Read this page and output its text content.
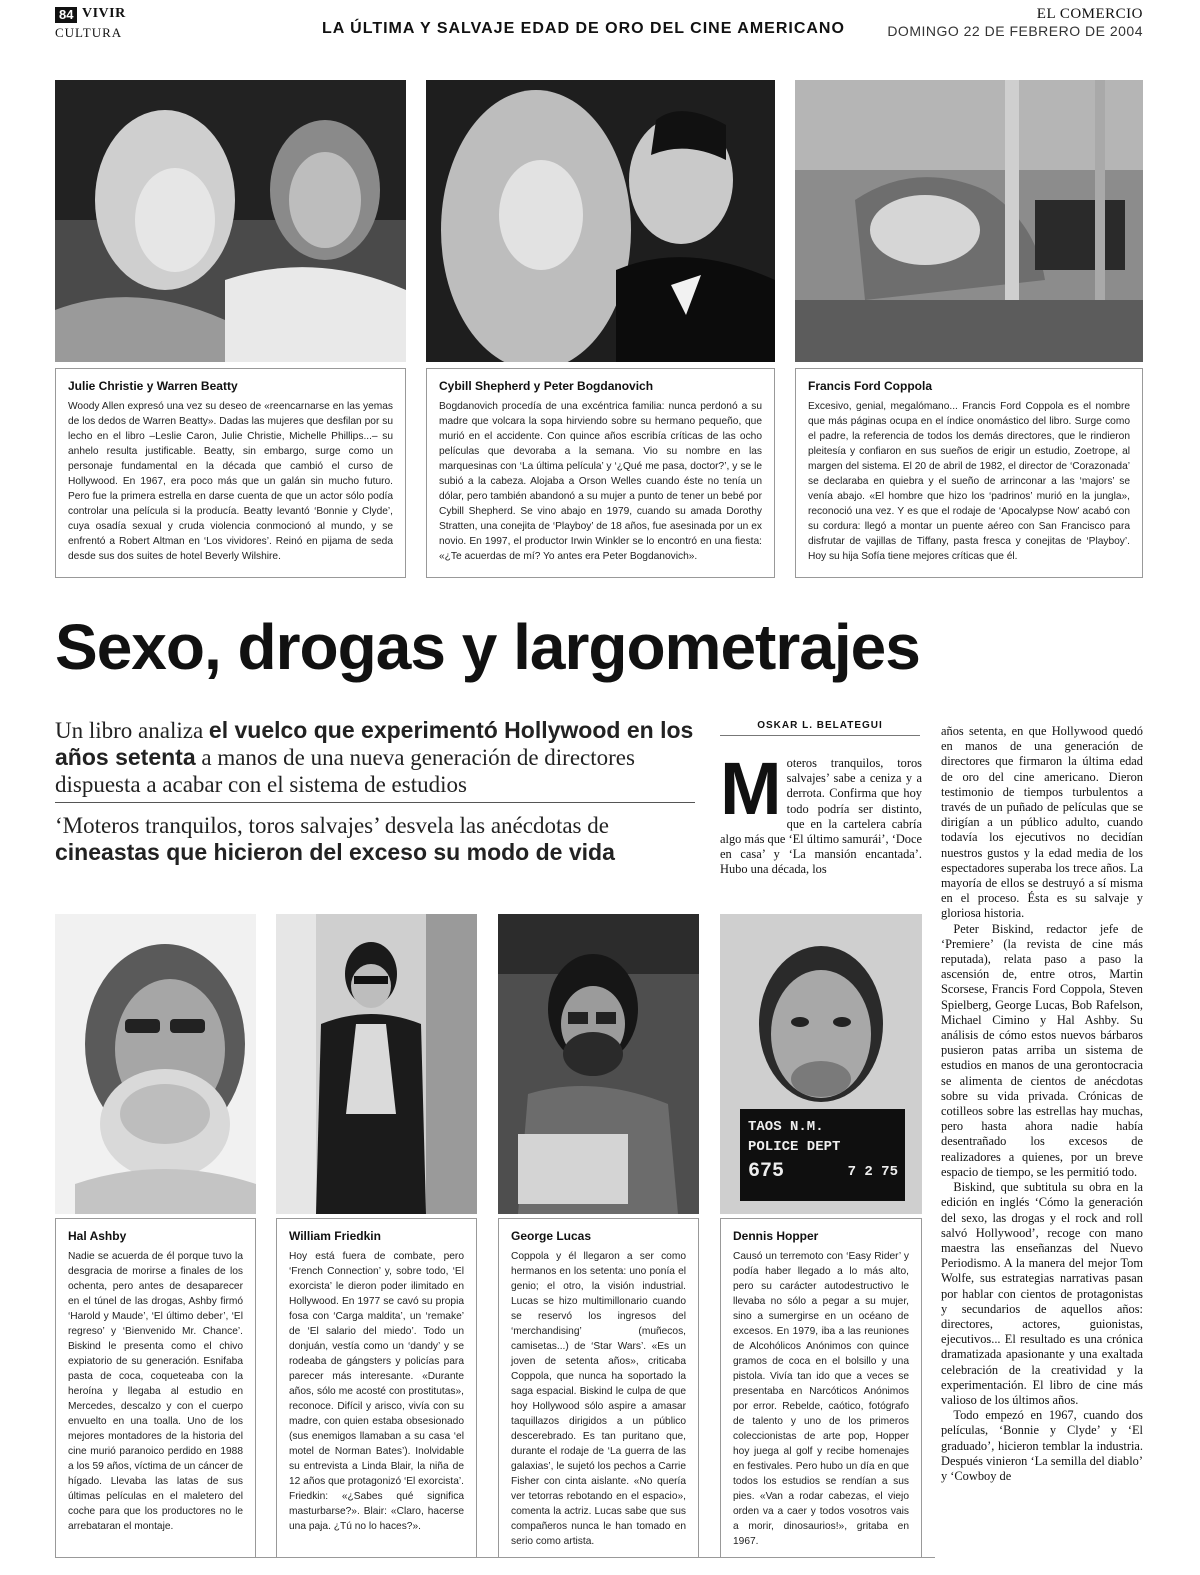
84 VIVIR
CULTURA	LA ÚLTIMA Y SALVAJE EDAD DE ORO DEL CINE AMERICANO
EL COMERCIO
DOMINGO 22 DE FEBRERO DE 2004

Julie Christie y Warren Beatty

Woody Allen expresó una vez su deseo de «reencarnarse en las yemas de los dedos de Warren Beatty». Dadas las mujeres que desfilan por su lecho en el libro –Leslie Caron, Julie Christie, Michelle Phillips...– su anhelo resulta justificable. Beatty, sin embargo, surge como un personaje fundamental en la década que cambió el curso de Hollywood. En 1967, era poco más que un galán sin mucho futuro. Pero fue la primera estrella en darse cuenta de que un actor sólo podía controlar una película si la producía. Beatty levantó ‘Bonnie y Clyde’, cuya osadía sexual y cruda violencia conmocionó al mundo, y se enfrentó a Robert Altman en ‘Los vividores’. Reinó en pijama de seda desde sus dos suites de hotel Beverly Wilshire.

Cybill Shepherd y Peter Bogdanovich

Bogdanovich procedía de una excéntrica familia: nunca perdonó a su madre que volcara la sopa hirviendo sobre su hermano pequeño, que murió en el accidente. Con quince años escribía críticas de las ocho películas que devoraba a la semana. Vio su nombre en las marquesinas con ‘La última película’ y ‘¿Qué me pasa, doctor?’, y se le subió a la cabeza. Alojaba a Orson Welles cuando éste no tenía un dólar, pero también abandonó a su mujer a punto de tener un bebé por Cybill Shepherd. Se vino abajo en 1979, cuando su amada Dorothy Stratten, una conejita de ‘Playboy’ de 18 años, fue asesinada por un ex novio. En 1997, el productor Irwin Winkler se lo encontró en una fiesta: «¿Te acuerdas de mí? Yo antes era Peter Bogdanovich».

Francis Ford Coppola

Excesivo, genial, megalómano... Francis Ford Coppola es el nombre que más páginas ocupa en el índice onomástico del libro. Surge como el padre, la referencia de todos los demás directores, que le rindieron pleitesía y confiaron en sus sueños de erigir un estudio, Zoetrope, al margen del sistema. El 20 de abril de 1982, el director de ‘Corazonada’ se declaraba en quiebra y el sueño de arrinconar a las ‘majors’ se venía abajo. «El hombre que hizo los ‘padrinos’ murió en la jungla», reconoció una vez. Y es que el rodaje de ‘Apocalypse Now’ acabó con su cordura: llegó a montar un puente aéreo con San Francisco para disfrutar de vajillas de Tiffany, pasta fresca y conejitas de ‘Playboy’. Hoy su hija Sofía tiene mejores críticas que él.

Sexo, drogas y largometrajes
Un libro analiza el vuelco que experimentó Hollywood en los años setenta a manos de una nueva generación de directores dispuesta a acabar con el sistema de estudios
‘Moteros tranquilos, toros salvajes’ desvela las anécdotas de cineastas que hicieron del exceso su modo de vida
OSKAR L. BELATEGUI
Moteros tranquilos, toros salvajes’ sabe a ceniza y a derrota. Confirma que hoy todo podría ser distinto, que en la cartelera cabría algo más que ‘El último samurái’, ‘Doce en casa’ y ‘La mansión encantada’. Hubo una década, los

años setenta, en que Hollywood quedó en manos de una generación de directores que firmaron la última edad de oro del cine americano. Dieron testimonio de tiempos turbulentos a través de un puñado de películas que se dirigían a un público adulto, cuando todavía los ejecutivos no decidían nuestros gustos y la edad media de los espectadores superaba los trece años. La mayoría de ellos se destruyó a sí misma en el proceso. Ésta es su salvaje y gloriosa historia.

Peter Biskind, redactor jefe de ‘Premiere’ (la revista de cine más reputada), relata paso a paso la ascensión de, entre otros, Martin Scorsese, Francis Ford Coppola, Steven Spielberg, George Lucas, Bob Rafelson, Michael Cimino y Hal Ashby. Su análisis de cómo estos nuevos bárbaros pusieron patas arriba un sistema de estudios en manos de una gerontocracia se alimenta de cientos de anécdotas sobre su vida privada. Crónicas de cotilleos sobre las estrellas hay muchas, pero hasta ahora nadie había desentrañado los excesos de realizadores a quienes, por un breve espacio de tiempo, se les permitió todo.

Biskind, que subtitula su obra en la edición en inglés ‘Cómo la generación del sexo, las drogas y el rock and roll salvó Hollywood’, recoge con mano maestra las enseñanzas del Nuevo Periodismo. A la manera del mejor Tom Wolfe, sus estrategias narrativas pasan por hablar con cientos de protagonistas y secundarios de aquellos años: directores, actores, guionistas, ejecutivos... El resultado es una crónica dramatizada apasionante y una exaltada celebración de la creatividad y la experimentación. El libro de cine más valioso de los últimos años.

Todo empezó en 1967, cuando dos películas, ‘Bonnie y Clyde’ y ‘El graduado’, hicieron temblar la industria. Después vinieron ‘La semilla del diablo’ y ‘Cowboy de

TAOS N.M.
POLICE DEPT
675	7 2 75

Hal Ashby

Nadie se acuerda de él porque tuvo la desgracia de morirse a finales de los ochenta, pero antes de desaparecer en el túnel de las drogas, Ashby firmó ‘Harold y Maude’, ‘El último deber’, ‘El regreso’ y ‘Bienvenido Mr. Chance’. Biskind le presenta como el chivo expiatorio de su generación. Esnifaba pasta de coca, coqueteaba con la heroína y llegaba al estudio en Mercedes, descalzo y con el cuerpo envuelto en una toalla. Uno de los mejores montadores de la historia del cine murió paranoico perdido en 1988 a los 59 años, víctima de un cáncer de hígado. Llevaba las latas de sus últimas películas en el maletero del coche para que los productores no le arrebataran el montaje.

William Friedkin

Hoy está fuera de combate, pero ‘French Connection’ y, sobre todo, ‘El exorcista’ le dieron poder ilimitado en Hollywood. En 1977 se cavó su propia fosa con ‘Carga maldita’, un ‘remake’ de ‘El salario del miedo’. Todo un donjuán, vestía como un ‘dandy’ y se rodeaba de gángsters y policías para parecer más interesante. «Durante años, sólo me acosté con prostitutas», reconoce. Difícil y arisco, vivía con su madre, con quien estaba obsesionado (sus enemigos llamaban a su casa ‘el motel de Norman Bates’). Inolvidable su entrevista a Linda Blair, la niña de 12 años que protagonizó ‘El exorcista’. Friedkin: «¿Sabes qué significa masturbarse?». Blair: «Claro, hacerse una paja. ¿Tú no lo haces?».

George Lucas

Coppola y él llegaron a ser como hermanos en los setenta: uno ponía el genio; el otro, la visión industrial. Lucas se hizo multimillonario cuando se reservó los ingresos del ‘merchandising’ (muñecos, camisetas...) de ‘Star Wars’. «Es un joven de setenta años», criticaba Coppola, que nunca ha soportado la saga espacial. Biskind le culpa de que hoy Hollywood sólo aspire a amasar taquillazos dirigidos a un público descerebrado. Es tan puritano que, durante el rodaje de ‘La guerra de las galaxias’, le sujetó los pechos a Carrie Fisher con cinta aislante. «No quería ver tetorras rebotando en el espacio», comenta la actriz. Lucas sabe que sus compañeros nunca le han tomado en serio como artista.

Dennis Hopper

Causó un terremoto con ‘Easy Rider’ y podía haber llegado a lo más alto, pero su carácter autodestructivo le llevaba no sólo a pegar a su mujer, sino a sumergirse en un océano de excesos. En 1979, iba a las reuniones de Alcohólicos Anónimos con quince gramos de coca en el bolsillo y una pistola. Vivía tan ido que a veces se presentaba en Narcóticos Anónimos por error. Rebelde, caótico, fotógrafo de talento y uno de los primeros coleccionistas de arte pop, Hopper hoy juega al golf y recibe homenajes en festivales. Pero hubo un día en que todos los estudios se rendían a sus pies. «Van a rodar cabezas, el viejo orden va a caer y todos vosotros vais a morir, dinosaurios!», gritaba en 1967.
